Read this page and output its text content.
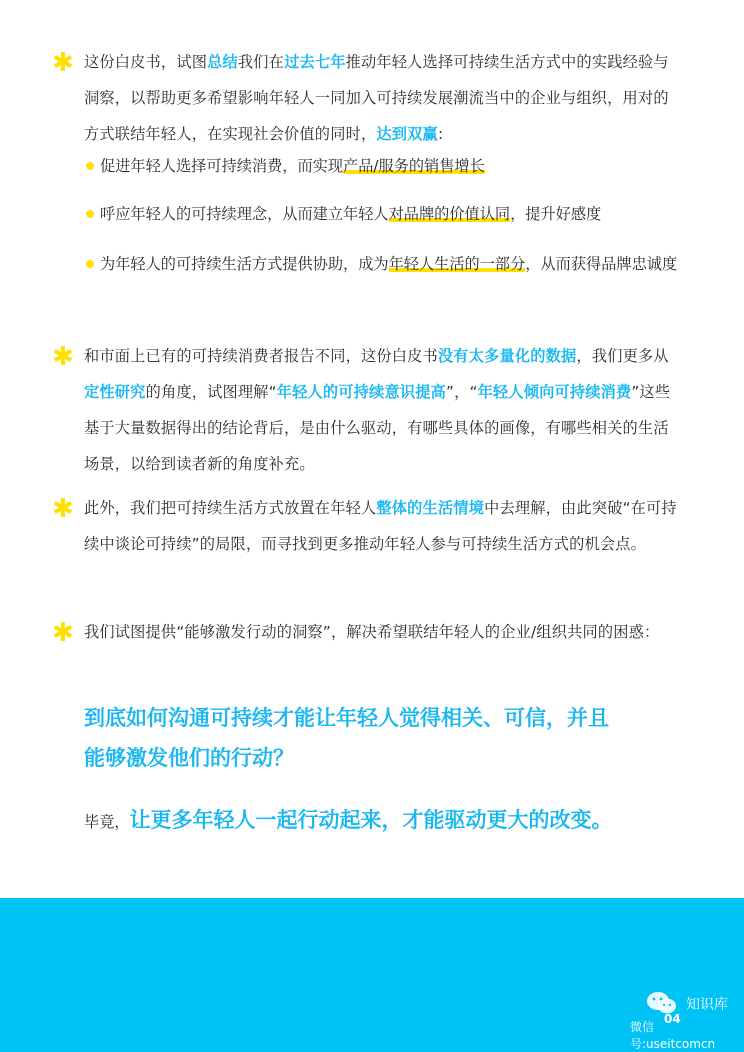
✱ 这份白皮书，试图总结我们在过去七年推动年轻人选择可持续生活方式中的实践经验与洞察，以帮助更多希望影响年轻人一同加入可持续发展潮流当中的企业与组织，用对的方式联结年轻人，在实现社会价值的同时，达到双赢:
促进年轻人选择可持续消费，而实现产品/服务的销售增长
呼应年轻人的可持续理念，从而建立年轻人对品牌的价值认同，提升好感度
为年轻人的可持续生活方式提供协助，成为年轻人生活的一部分，从而获得品牌忠诚度
✱ 和市面上已有的可持续消费者报告不同，这份白皮书没有太多量化的数据，我们更多从定性研究的角度，试图理解“年轻人的可持续意识提高”，“年轻人倾向可持续消费”这些基于大量数据得出的结论背后，是由什么驱动，有哪些具体的画像，有哪些相关的生活场景，以给到读者新的角度补充。
✱ 此外，我们把可持续生活方式放置在年轻人整体的生活情境中去理解，由此突破“在可持续中谈论可持续”的局限，而寻找到更多推动年轻人参与可持续生活方式的机会点。
✱ 我们试图提供“能够激发行动的洞察”，解决希望联结年轻人的企业/组织共同的困惑：
到底如何沟通可持续才能让年轻人觉得相关、可信，并且
能够激发他们的行动？
毕竟，让更多年轻人一起行动起来，才能驱动更大的改变。
知识库
04
微信号:useitcomcn
